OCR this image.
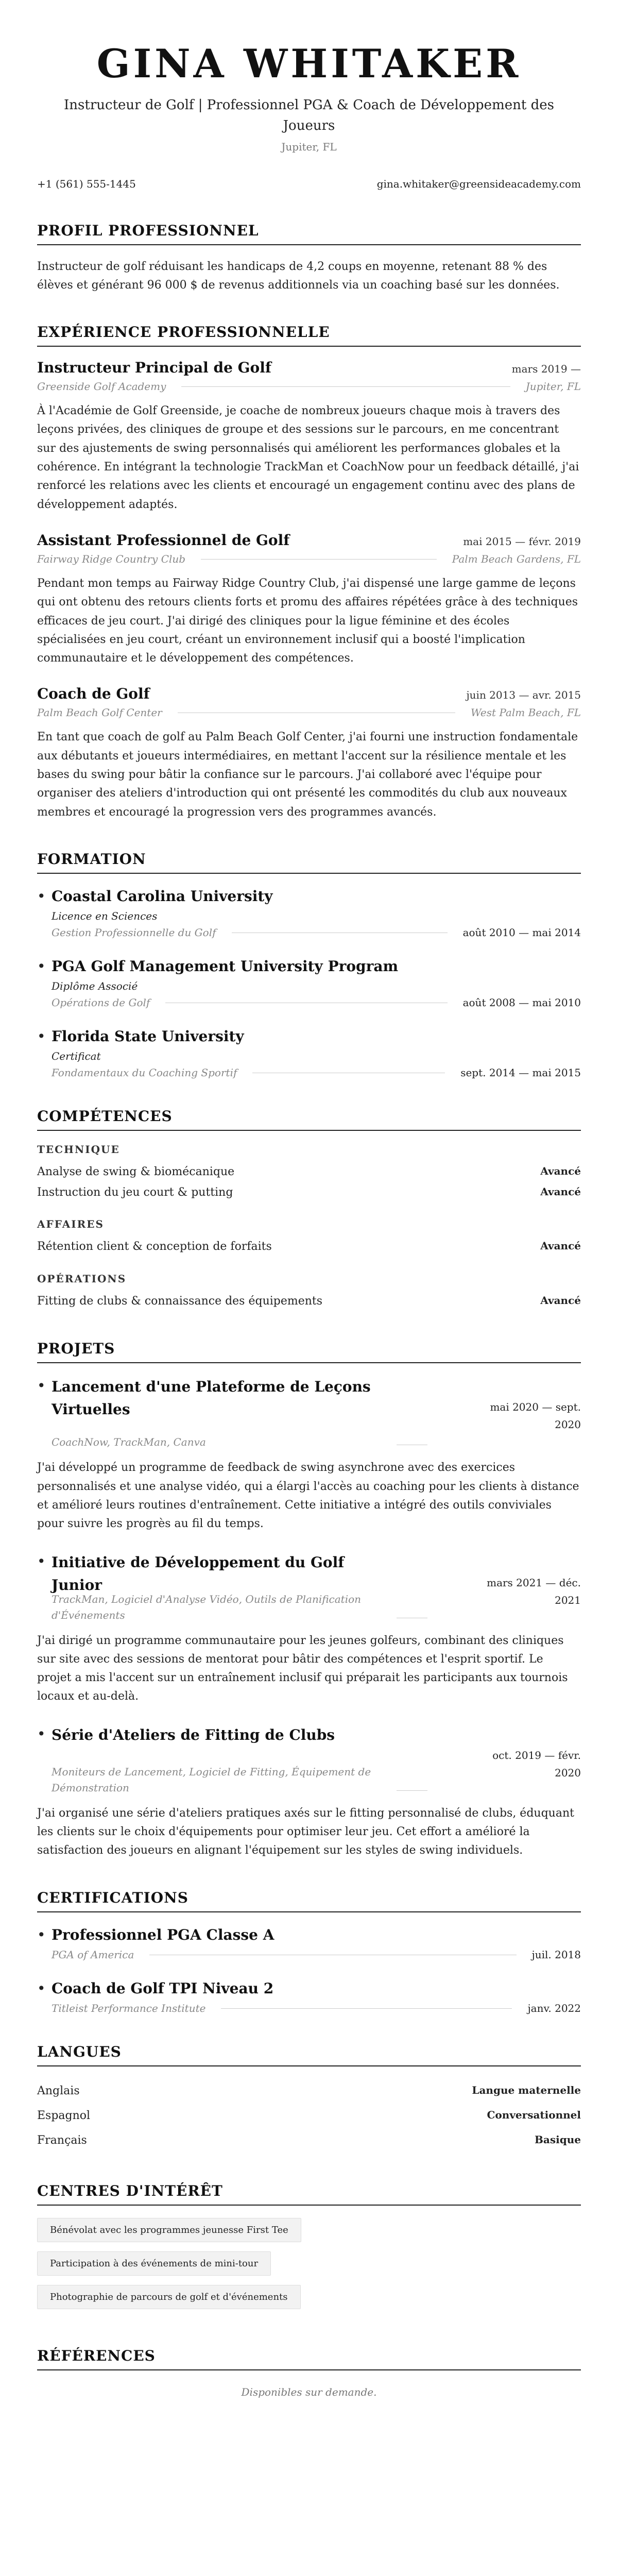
GINA WHITAKER
Instructeur de Golf | Professionnel PGA & Coach de Développement des Joueurs
Jupiter, FL
+1 (561) 555-1445	gina.whitaker@greensideacademy.com
PROFIL PROFESSIONNEL

Instructeur de golf réduisant les handicaps de 4,2 coups en moyenne, retenant 88 % des élèves et générant 96 000 $ de revenus additionnels via un coaching basé sur les données.

EXPÉRIENCE PROFESSIONNELLE
Instructeur Principal de Golf	mars 2019 —
Greenside Golf Academy	Jupiter, FL

À l'Académie de Golf Greenside, je coache de nombreux joueurs chaque mois à travers des leçons privées, des cliniques de groupe et des sessions sur le parcours, en me concentrant sur des ajustements de swing personnalisés qui améliorent les performances globales et la cohérence. En intégrant la technologie TrackMan et CoachNow pour un feedback détaillé, j'ai renforcé les relations avec les clients et encouragé un engagement continu avec des plans de développement adaptés.

Assistant Professionnel de Golf	mai 2015 — févr. 2019
Fairway Ridge Country Club	Palm Beach Gardens, FL

Pendant mon temps au Fairway Ridge Country Club, j'ai dispensé une large gamme de leçons qui ont obtenu des retours clients forts et promu des affaires répétées grâce à des techniques efficaces de jeu court. J'ai dirigé des cliniques pour la ligue féminine et des écoles spécialisées en jeu court, créant un environnement inclusif qui a boosté l'implication communautaire et le développement des compétences.

Coach de Golf	juin 2013 — avr. 2015
Palm Beach Golf Center	West Palm Beach, FL

En tant que coach de golf au Palm Beach Golf Center, j'ai fourni une instruction fondamentale aux débutants et joueurs intermédiaires, en mettant l'accent sur la résilience mentale et les bases du swing pour bâtir la confiance sur le parcours. J'ai collaboré avec l'équipe pour organiser des ateliers d'introduction qui ont présenté les commodités du club aux nouveaux membres et encouragé la progression vers des programmes avancés.

FORMATION
• Coastal Carolina University
Licence en Sciences
Gestion Professionnelle du Golf	août 2010 — mai 2014
• PGA Golf Management University Program
Diplôme Associé
Opérations de Golf	août 2008 — mai 2010
• Florida State University
Certificat
Fondamentaux du Coaching Sportif	sept. 2014 — mai 2015
COMPÉTENCES
TECHNIQUE
Analyse de swing & biomécanique	Avancé
Instruction du jeu court & putting	Avancé
AFFAIRES
Rétention client & conception de forfaits	Avancé
OPÉRATIONS
Fitting de clubs & connaissance des équipements	Avancé
PROJETS
• Lancement d'une Plateforme de Leçons Virtuelles	mai 2020 — sept. 2020
CoachNow, TrackMan, Canva

J'ai développé un programme de feedback de swing asynchrone avec des exercices personnalisés et une analyse vidéo, qui a élargi l'accès au coaching pour les clients à distance et amélioré leurs routines d'entraînement. Cette initiative a intégré des outils conviviales pour suivre les progrès au fil du temps.

• Initiative de Développement du Golf Junior	mars 2021 — déc. 2021
TrackMan, Logiciel d'Analyse Vidéo, Outils de Planification d'Événements

J'ai dirigé un programme communautaire pour les jeunes golfeurs, combinant des cliniques sur site avec des sessions de mentorat pour bâtir des compétences et l'esprit sportif. Le projet a mis l'accent sur un entraînement inclusif qui préparait les participants aux tournois locaux et au-delà.

• Série d'Ateliers de Fitting de Clubs
oct. 2019 — févr. 2020
Moniteurs de Lancement, Logiciel de Fitting, Équipement de Démonstration

J'ai organisé une série d'ateliers pratiques axés sur le fitting personnalisé de clubs, éduquant les clients sur le choix d'équipements pour optimiser leur jeu. Cet effort a amélioré la satisfaction des joueurs en alignant l'équipement sur les styles de swing individuels.

CERTIFICATIONS
• Professionnel PGA Classe A
PGA of America	juil. 2018
• Coach de Golf TPI Niveau 2
Titleist Performance Institute	janv. 2022
LANGUES
Anglais	Langue maternelle
Espagnol	Conversationnel
Français	Basique
CENTRES D'INTÉRÊT
Bénévolat avec les programmes jeunesse First Tee
Participation à des événements de mini-tour
Photographie de parcours de golf et d'événements
RÉFÉRENCES
Disponibles sur demande.
